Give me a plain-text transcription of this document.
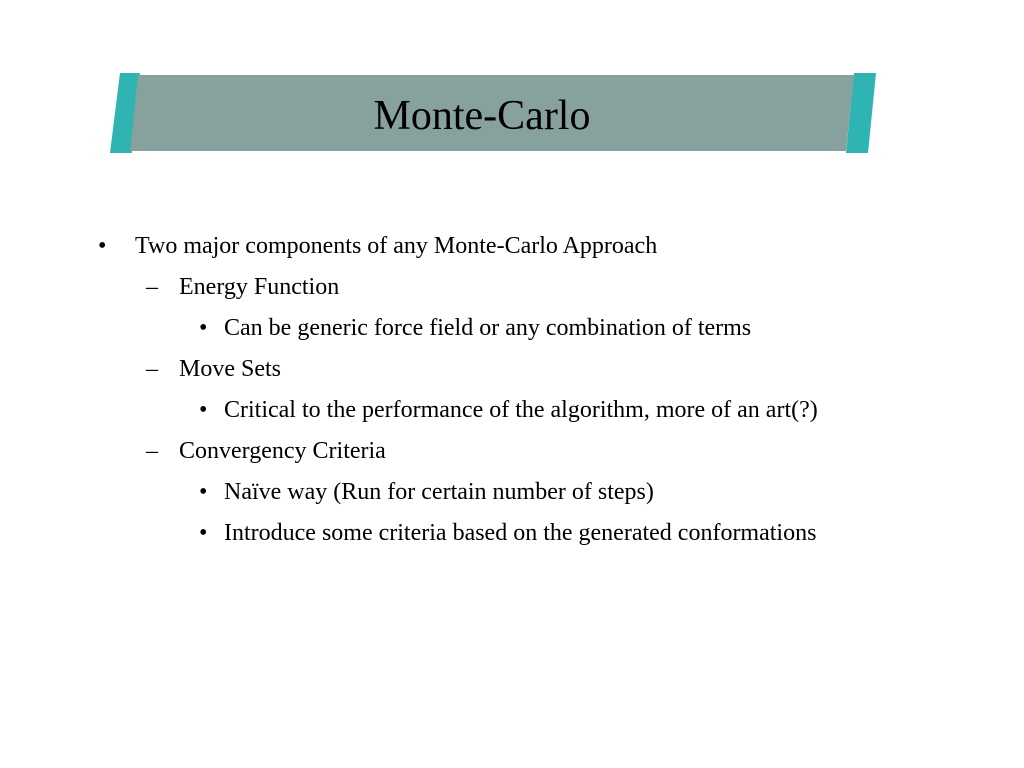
Monte-Carlo
• Two major components of any Monte-Carlo Approach
– Energy Function
• Can be generic force field or any combination of terms
– Move Sets
• Critical to the performance of the algorithm, more of an art(?)
– Convergency Criteria
• Naïve way (Run for certain number of steps)
• Introduce some criteria based on the generated conformations
